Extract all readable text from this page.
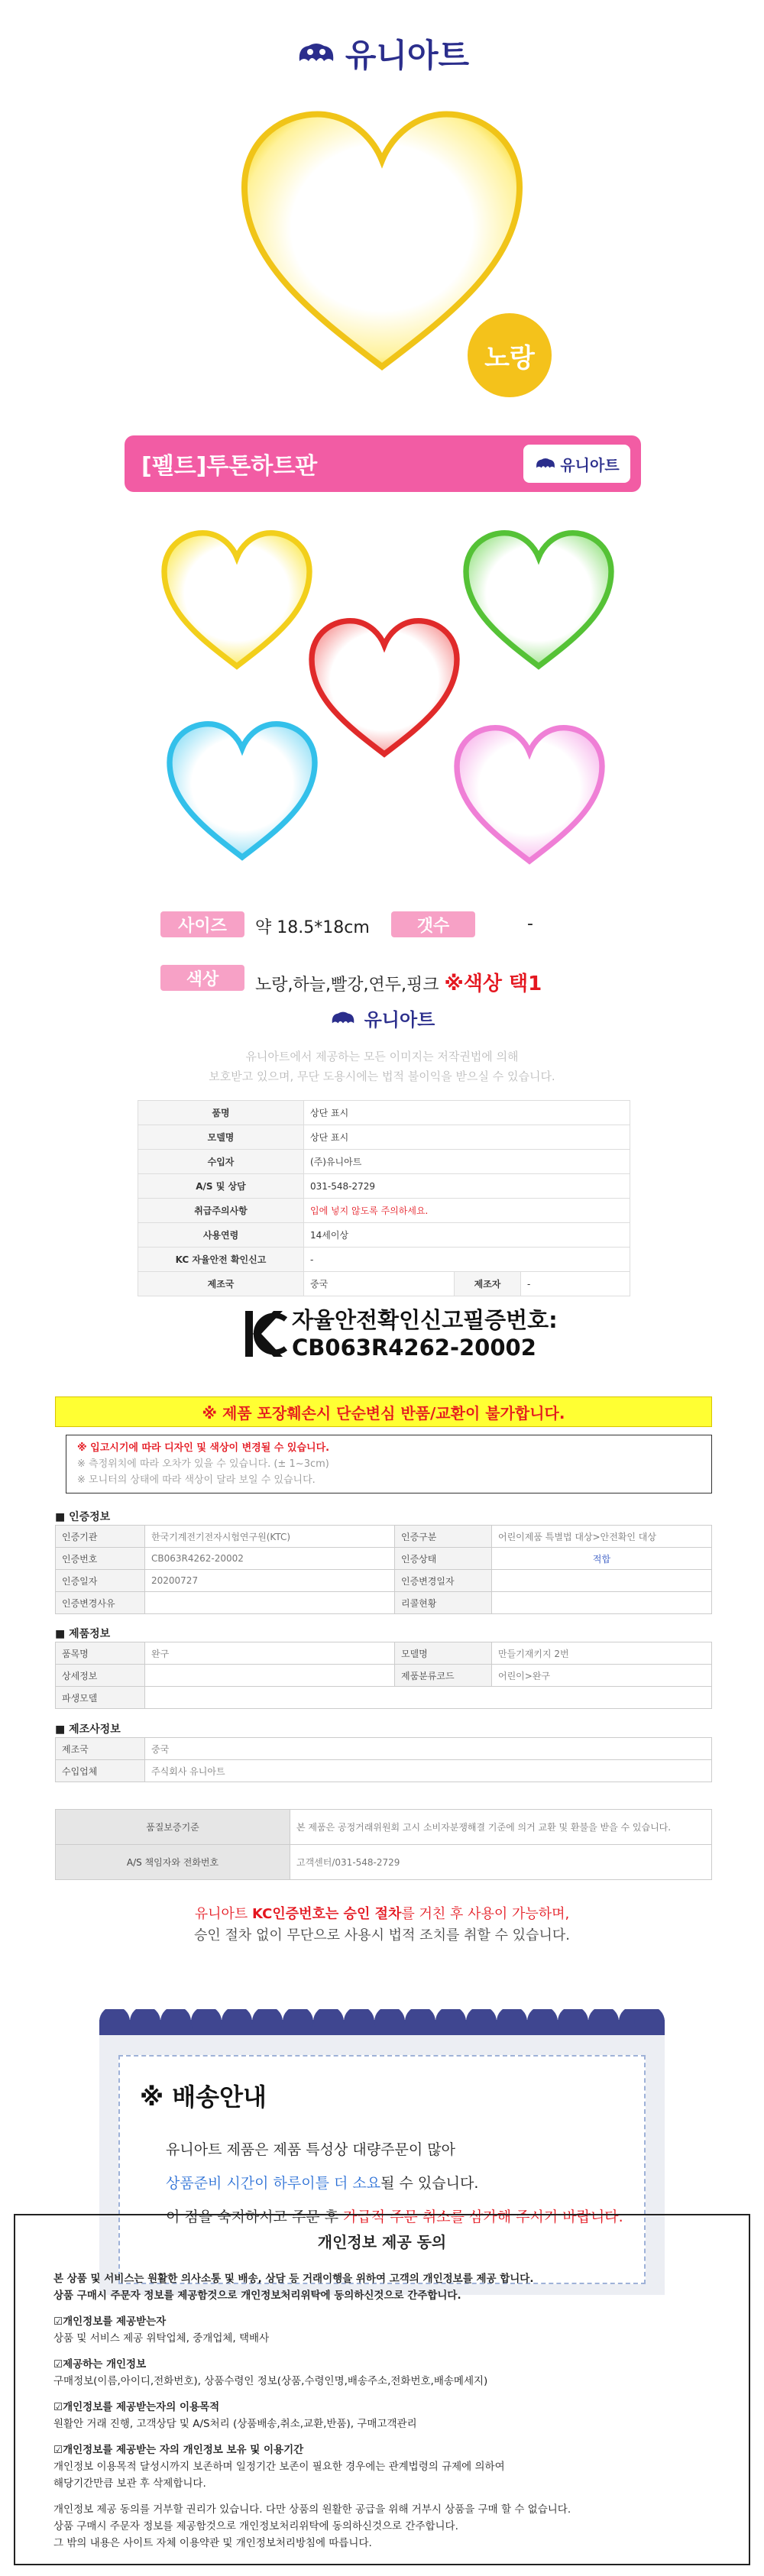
유니아트
노랑
[펠트]투톤하트판	유니아트
사이즈	약 18.5*18cm	갯수	-
색상	노랑,하늘,빨강,연두,핑크 ※색상 택1
유니아트
유니아트에서 제공하는 모든 이미지는 저작권법에 의해
보호받고 있으며, 무단 도용시에는 법적 불이익을 받으실 수 있습니다.
품명	상단 표시		
모델명	상단 표시		
수입자	(주)유니아트		
A/S 및 상담	031-548-2729		
취급주의사항	입에 넣지 않도록 주의하세요.		
사용연령	14세이상		
KC 자율안전 확인신고	-		
제조국	중국	제조자	-
자율안전확인신고필증번호:
CB063R4262-20002
※ 제품 포장훼손시 단순변심 반품/교환이 불가합니다.
※ 입고시기에 따라 디자인 및 색상이 변경될 수 있습니다.
※ 측정위치에 따라 오차가 있을 수 있습니다. (± 1~3cm)
※ 모니터의 상태에 따라 색상이 달라 보일 수 있습니다.
■ 인증정보
인증기관	한국기계전기전자시험연구원(KTC)	인증구분	어린이제품 특별법 대상>안전확인 대상
인증번호	CB063R4262-20002	인증상태	적합
인증일자	20200727	인증변경일자	
인증변경사유		리콜현황	
■ 제품정보
품목명	완구	모델명	만들기재키지 2번
상세정보		제품분류코드	어린이>완구
파생모델			
■ 제조사정보
제조국	중국
수입업체	주식회사 유니아트
품질보증기준	본 제품은 공정거래위원회 고시 소비자분쟁해결 기준에 의거 교환 및 환불을 받을 수 있습니다.
A/S 책임자와 전화번호	고객센터/031-548-2729
유니아트 KC인증번호는 승인 절차를 거친 후 사용이 가능하며,
승인 절차 없이 무단으로 사용시 법적 조치를 취할 수 있습니다.
※ 배송안내
유니아트 제품은 제품 특성상 대량주문이 많아
상품준비 시간이 하루이틀 더 소요될 수 있습니다.
이 점을 숙지하시고 주문 후 가급적 주문 취소를 삼가해 주시기 바랍니다.
개인정보 제공 동의

본 상품 및 서비스는 원활한 의사소통 및 배송, 상담 등 거래이행을 위하여 고객의 개인정보를 제공 합니다.
상품 구매시 주문자 정보를 제공함것으로 개인정보처리위탁에 동의하신것으로 간주합니다.

☑개인정보를 제공받는자
상품 및 서비스 제공 위탁업체, 중개업체, 택배사

☑제공하는 개인정보
구매정보(이름,아이디,전화번호), 상품수령인 정보(상품,수령인명,배송주소,전화번호,배송메세지)

☑개인정보를 제공받는자의 이용목적
원활안 거래 진행, 고객상담 및 A/S처리 (상품배송,취소,교환,반품), 구매고객관리

☑개인정보를 제공받는 자의 개인정보 보유 및 이용기간
개인정보 이용목적 달성시까지 보존하며 일정기간 보존이 필요한 경우에는 관계법령의 규제에 의하여
해당기간만큼 보관 후 삭제합니다.

개인정보 제공 동의를 거부할 권리가 있습니다. 다만 상품의 원활한 공급을 위해 거부시 상품을 구매 할 수 없습니다.
상품 구매시 주문자 정보를 제공함것으로 개인정보처리위탁에 동의하신것으로 간주합니다.
그 밖의 내용은 사이트 자체 이용약관 및 개인정보처리방침에 따릅니다.
